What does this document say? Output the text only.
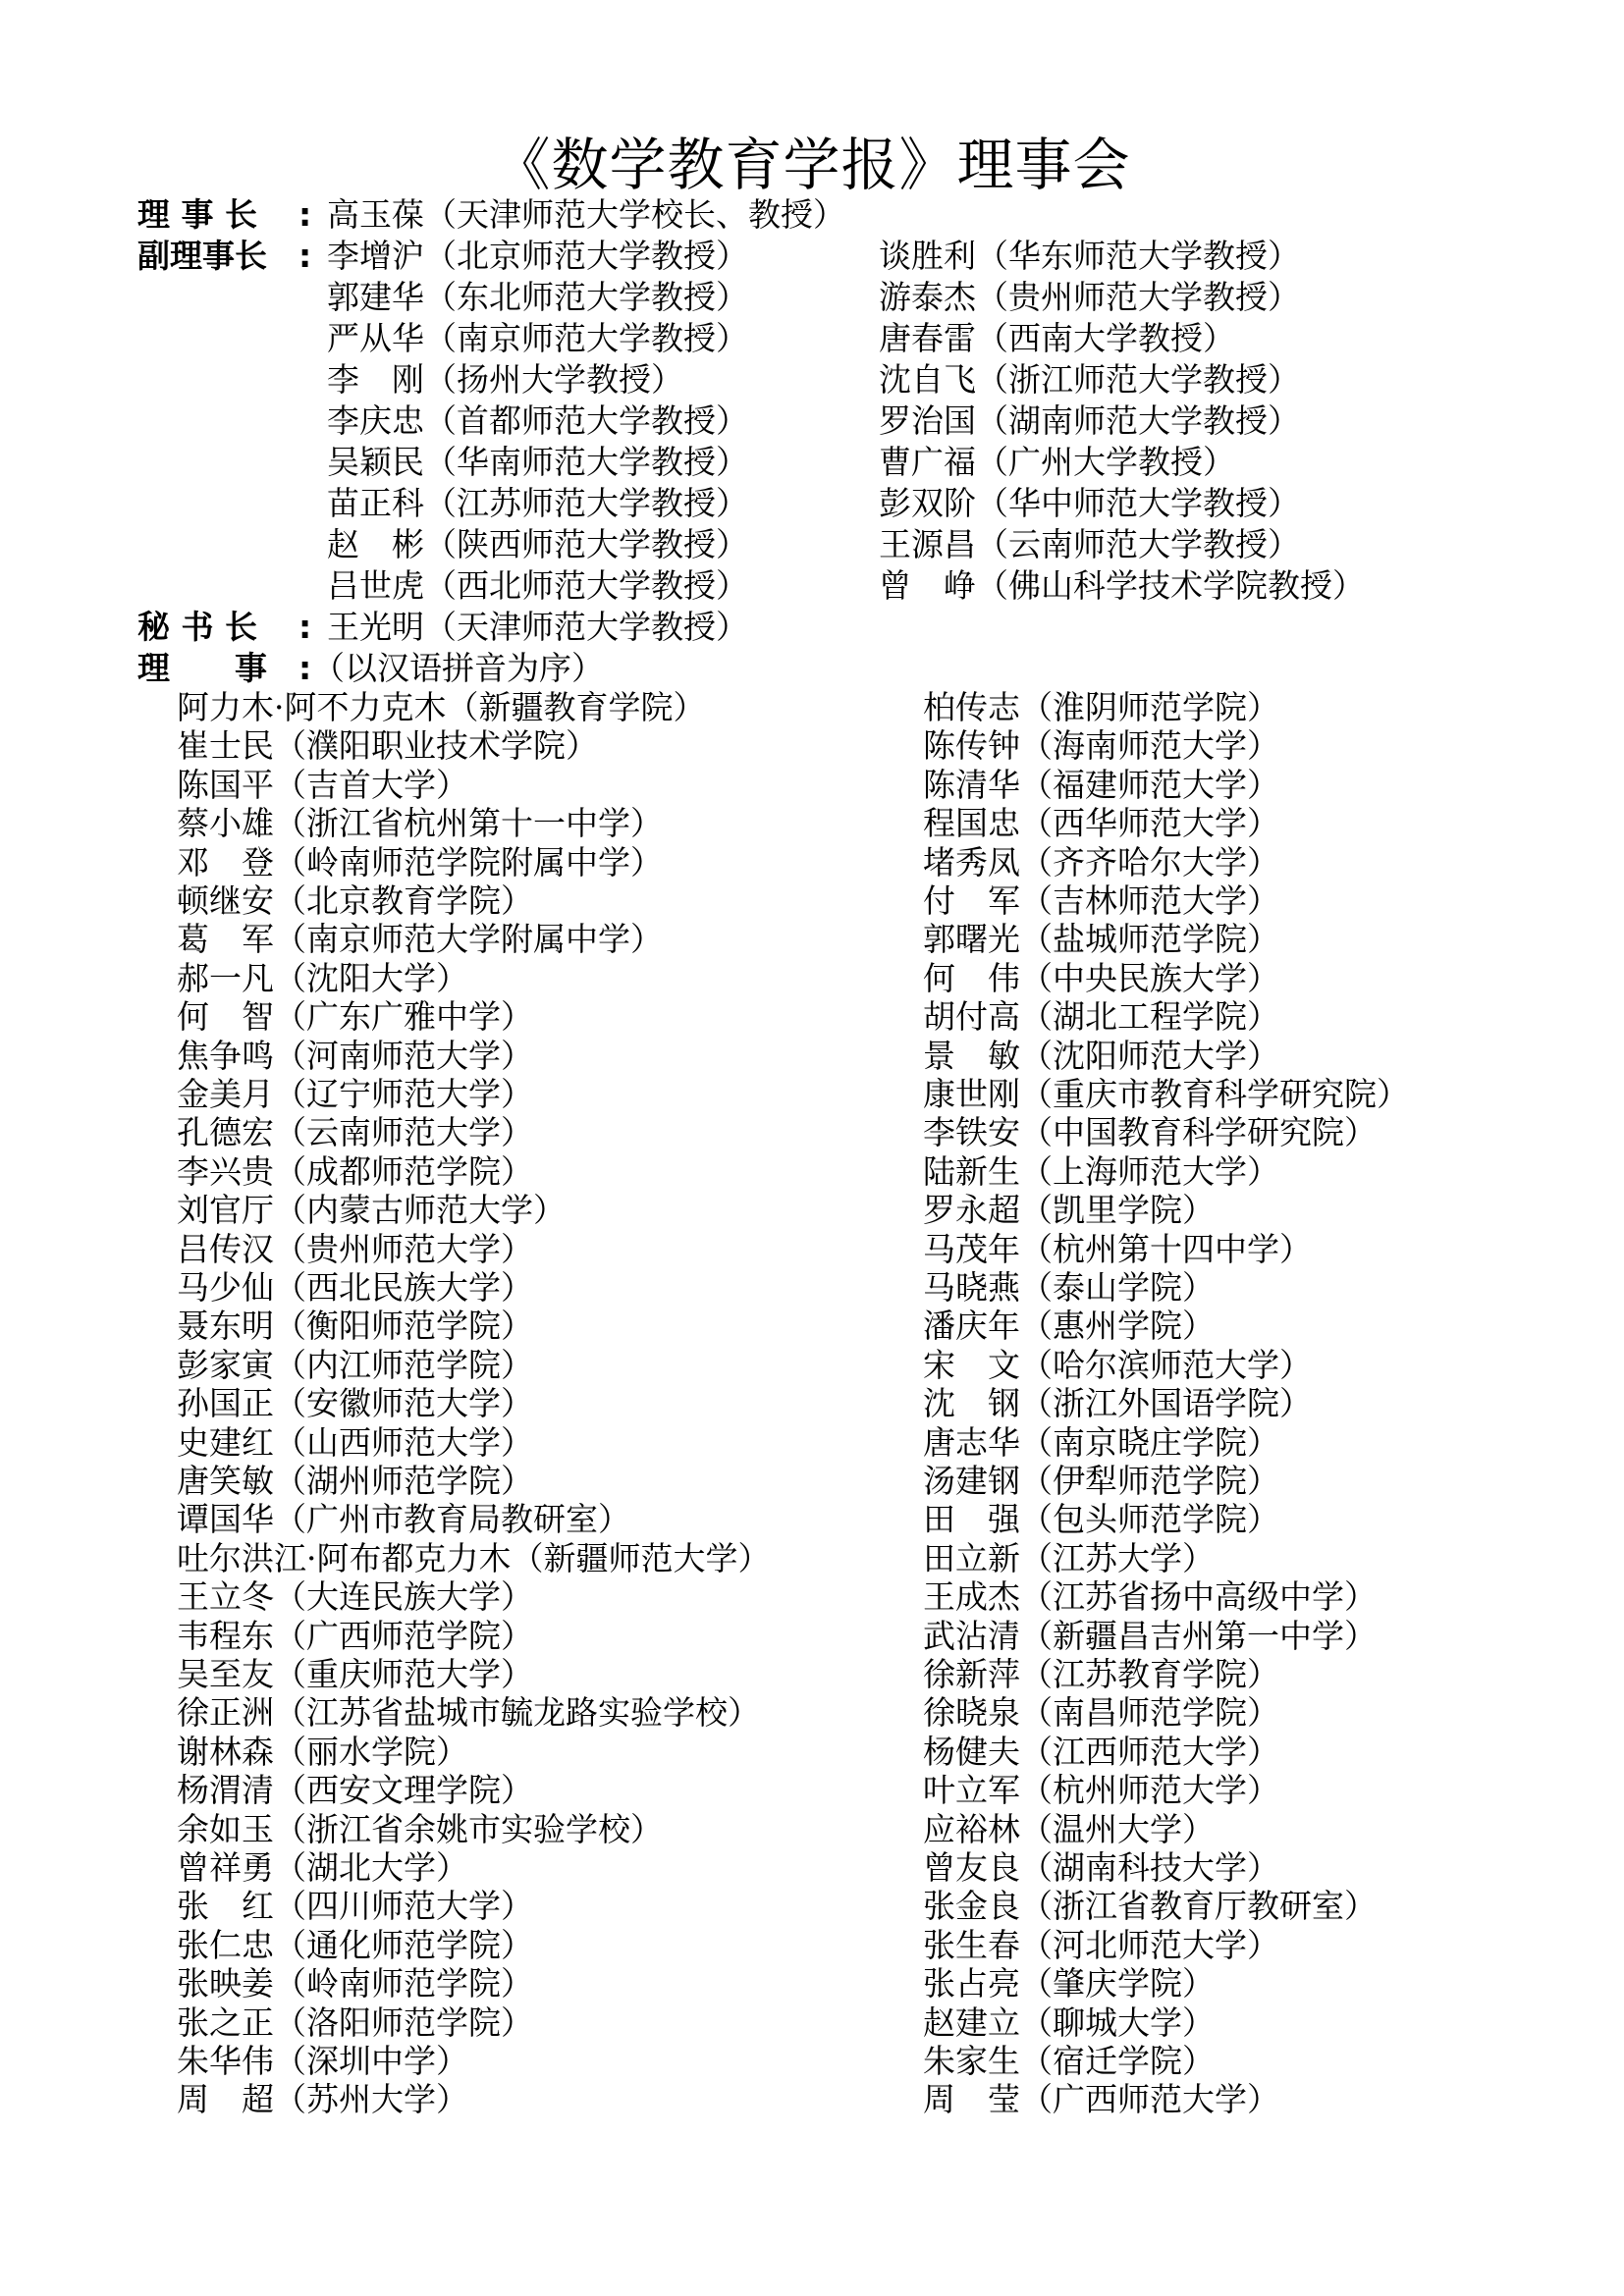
《数学教育学报》理事会
理 事 长	: 高玉葆（天津师范大学校长、教授）
副理事长 : 李增沪（北京师范大学教授）
郭建华（东北师范大学教授）
严从华（南京师范大学教授）
李　刚（扬州大学教授）
李庆忠（首都师范大学教授）
吴颖民（华南师范大学教授）
苗正科（江苏师范大学教授）
赵　彬（陕西师范大学教授）
吕世虎（西北师范大学教授）
谈胜利（华东师范大学教授）
游泰杰（贵州师范大学教授）
唐春雷（西南大学教授）
沈自飞（浙江师范大学教授）
罗治国（湖南师范大学教授）
曹广福（广州大学教授）
彭双阶（华中师范大学教授）
王源昌（云南师范大学教授）
曾　峥（佛山科学技术学院教授）
秘 书 长	: 王光明（天津师范大学教授）
理　　事 : （以汉语拼音为序）
阿力木·阿不力克木（新疆教育学院）
崔士民（濮阳职业技术学院）
陈国平（吉首大学）
蔡小雄（浙江省杭州第十一中学）
邓　登（岭南师范学院附属中学）
顿继安（北京教育学院）
葛　军（南京师范大学附属中学）
郝一凡（沈阳大学）
何　智（广东广雅中学）
焦争鸣（河南师范大学）
金美月（辽宁师范大学）
孔德宏（云南师范大学）
李兴贵（成都师范学院）
刘官厅（内蒙古师范大学）
吕传汉（贵州师范大学）
马少仙（西北民族大学）
聂东明（衡阳师范学院）
彭家寅（内江师范学院）
孙国正（安徽师范大学）
史建红（山西师范大学）
唐笑敏（湖州师范学院）
谭国华（广州市教育局教研室）
吐尔洪江·阿布都克力木（新疆师范大学）
王立冬（大连民族大学）
韦程东（广西师范学院）
吴至友（重庆师范大学）
徐正洲（江苏省盐城市毓龙路实验学校）
谢林森（丽水学院）
杨渭清（西安文理学院）
余如玉（浙江省余姚市实验学校）
曾祥勇（湖北大学）
张　红（四川师范大学）
张仁忠（通化师范学院）
张映姜（岭南师范学院）
张之正（洛阳师范学院）
朱华伟（深圳中学）
周　超（苏州大学）
柏传志（淮阴师范学院）
陈传钟（海南师范大学）
陈清华（福建师范大学）
程国忠（西华师范大学）
堵秀凤（齐齐哈尔大学）
付　军（吉林师范大学）
郭曙光（盐城师范学院）
何　伟（中央民族大学）
胡付高（湖北工程学院）
景　敏（沈阳师范大学）
康世刚（重庆市教育科学研究院）
李铁安（中国教育科学研究院）
陆新生（上海师范大学）
罗永超（凯里学院）
马茂年（杭州第十四中学）
马晓燕（泰山学院）
潘庆年（惠州学院）
宋　文（哈尔滨师范大学）
沈　钢（浙江外国语学院）
唐志华（南京晓庄学院）
汤建钢（伊犁师范学院）
田　强（包头师范学院）
田立新（江苏大学）
王成杰（江苏省扬中高级中学）
武沾清（新疆昌吉州第一中学）
徐新萍（江苏教育学院）
徐晓泉（南昌师范学院）
杨健夫（江西师范大学）
叶立军（杭州师范大学）
应裕林（温州大学）
曾友良（湖南科技大学）
张金良（浙江省教育厅教研室）
张生春（河北师范大学）
张占亮（肇庆学院）
赵建立（聊城大学）
朱家生（宿迁学院）
周　莹（广西师范大学）
